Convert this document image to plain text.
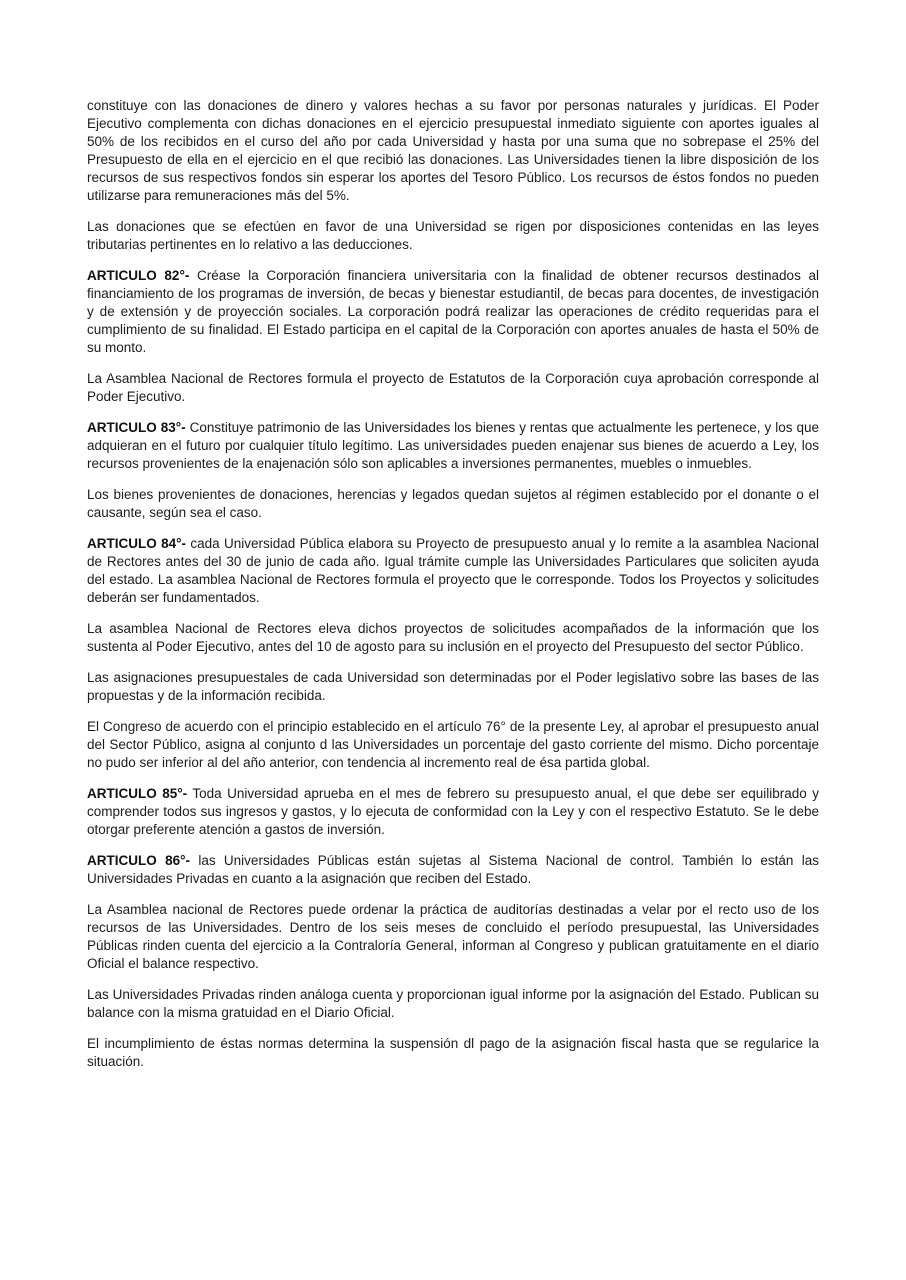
constituye con las donaciones de dinero y valores hechas a su favor por personas naturales y jurídicas. El Poder Ejecutivo complementa con dichas donaciones en el ejercicio presupuestal inmediato siguiente con aportes iguales al 50% de los recibidos en el curso del año por cada Universidad y hasta por una suma que no sobrepase el 25% del Presupuesto de ella en el ejercicio en el que recibió las donaciones. Las Universidades tienen la libre disposición de los recursos de sus respectivos fondos sin esperar los aportes del Tesoro Público. Los recursos de éstos fondos no pueden utilizarse para remuneraciones más del 5%.

Las donaciones que se efectúen en favor de una Universidad se rigen por disposiciones contenidas en las leyes tributarias pertinentes en lo relativo a las deducciones.

ARTICULO 82°- Créase la Corporación financiera universitaria con la finalidad de obtener recursos destinados al financiamiento de los programas de inversión, de becas y bienestar estudiantil, de becas para docentes, de investigación y de extensión y de proyección sociales. La corporación podrá realizar las operaciones de crédito requeridas para el cumplimiento de su finalidad. El Estado participa en el capital de la Corporación con aportes anuales de hasta el 50% de su monto.

La Asamblea Nacional de Rectores formula el proyecto de Estatutos de la Corporación cuya aprobación corresponde al Poder Ejecutivo.

ARTICULO 83°- Constituye patrimonio de las Universidades los bienes y rentas que actualmente les pertenece, y los que adquieran en el futuro por cualquier título legítimo. Las universidades pueden enajenar sus bienes de acuerdo a Ley, los recursos provenientes de la enajenación sólo son aplicables a inversiones permanentes, muebles o inmuebles.

Los bienes provenientes de donaciones, herencias y legados quedan sujetos al régimen establecido por el donante o el causante, según sea el caso.

ARTICULO 84°- cada Universidad Pública elabora su Proyecto de presupuesto anual y lo remite a la asamblea Nacional de Rectores antes del 30 de junio de cada año. Igual trámite cumple las Universidades Particulares que soliciten ayuda del estado. La asamblea Nacional de Rectores formula el proyecto que le corresponde. Todos los Proyectos y solicitudes deberán ser fundamentados.

La asamblea Nacional de Rectores eleva dichos proyectos de solicitudes acompañados de la información que los sustenta al Poder Ejecutivo, antes del 10 de agosto para su inclusión en el proyecto del Presupuesto del sector Público.

Las asignaciones presupuestales de cada Universidad son determinadas por el Poder legislativo sobre las bases de las propuestas y de la información recibida.

El Congreso de acuerdo con el principio establecido en el artículo 76° de la presente Ley, al aprobar el presupuesto anual del Sector Público, asigna al conjunto d las Universidades un porcentaje del gasto corriente del mismo. Dicho porcentaje no pudo ser inferior al del año anterior, con tendencia al incremento real de ésa partida global.

ARTICULO 85°- Toda Universidad aprueba en el mes de febrero su presupuesto anual, el que debe ser equilibrado y comprender todos sus ingresos y gastos, y lo ejecuta de conformidad con la Ley y con el respectivo Estatuto. Se le debe otorgar preferente atención a gastos de inversión.

ARTICULO 86°- las Universidades Públicas están sujetas al Sistema Nacional de control. También lo están las Universidades Privadas en cuanto a la asignación que reciben del Estado.

La Asamblea nacional de Rectores puede ordenar la práctica de auditorías destinadas a velar por el recto uso de los recursos de las Universidades. Dentro de los seis meses de concluido el período presupuestal, las Universidades Públicas rinden cuenta del ejercicio a la Contraloría General, informan al Congreso y publican gratuitamente en el diario Oficial el balance respectivo.

Las Universidades Privadas rinden análoga cuenta y proporcionan igual informe por la asignación del Estado. Publican su balance con la misma gratuidad en el Diario Oficial.

El incumplimiento de éstas normas determina la suspensión dl pago de la asignación fiscal hasta que se regularice la situación.
